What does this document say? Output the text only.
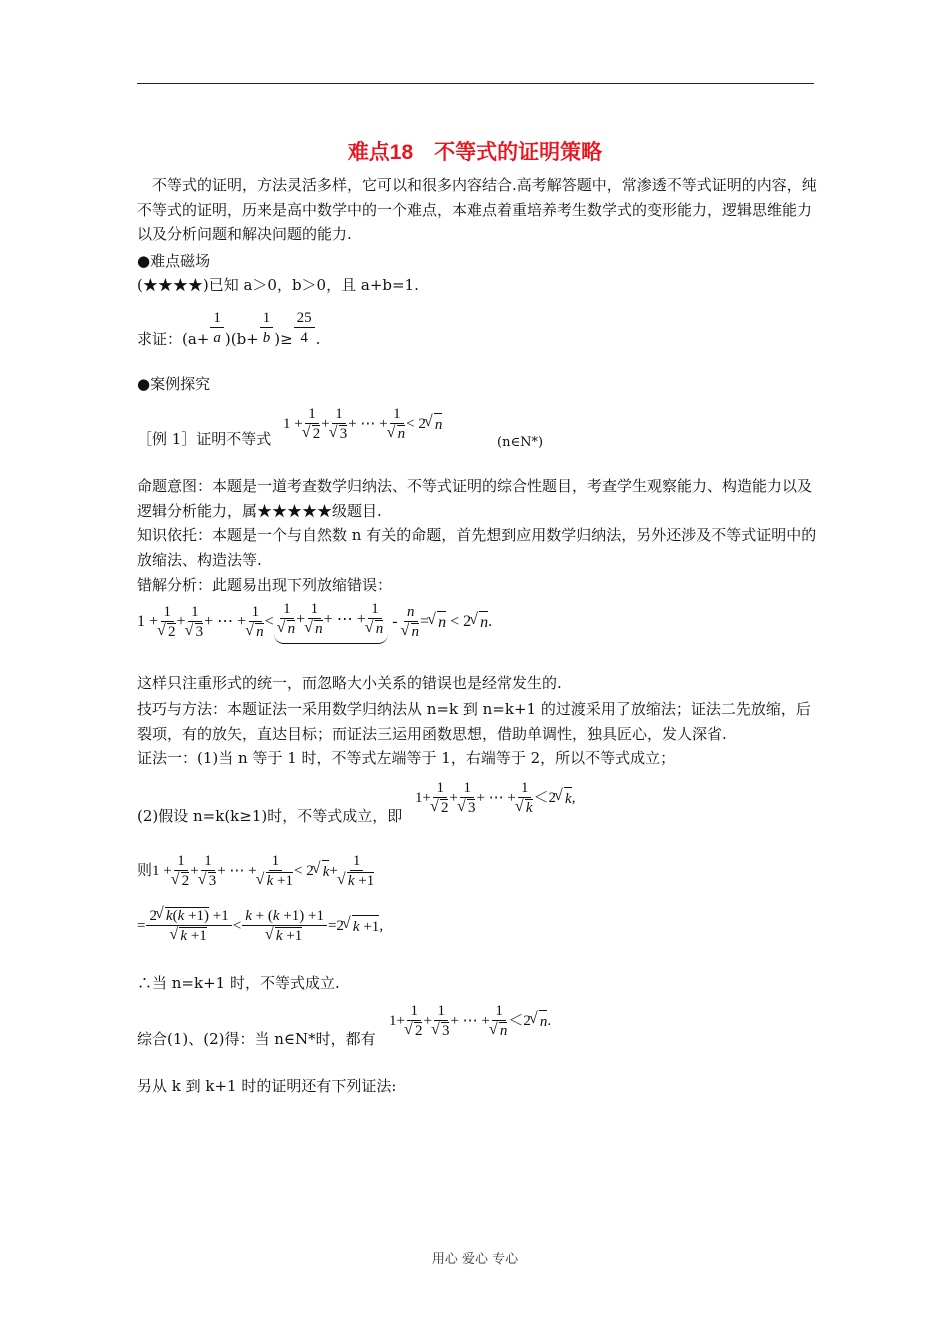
难点18　不等式的证明策略
不等式的证明，方法灵活多样，它可以和很多内容结合.高考解答题中，常渗透不等式证明的内容，纯不等式的证明，历来是高中数学中的一个难点，本难点着重培养考生数学式的变形能力，逻辑思维能力以及分析问题和解决问题的能力.
●难点磁场
(★★★★)已知 a＞0，b＞0，且 a+b=1.
求证：$(a+ \frac{1}{a} )(b+ \frac{1}{b}$ )≥ $\frac{25}{4}$ .
●案例探究
［例 1］证明不等式
1 +
1
√ 2
+
1
√ 3
+ ⋯ +
1
√ n
< 2 √ n
(n∈N*)
命题意图：本题是一道考查数学归纳法、不等式证明的综合性题目，考查学生观察能力、构造能力以及逻辑分析能力，属★★★★★级题目.
知识依托：本题是一个与自然数 n 有关的命题，首先想到应用数学归纳法，另外还涉及不等式证明中的放缩法、构造法等.
错解分析：此题易出现下列放缩错误：
1 +
1
√ 2
+
1
√ 3
+ ⋯ +
1
√ n
<
1
√ n
+
1
√ n
+ ⋯ +
1
√ n -
n
√ n
= √ n < 2 √ n .
这样只注重形式的统一，而忽略大小关系的错误也是经常发生的.
技巧与方法：本题证法一采用数学归纳法从 n=k 到 n=k+1 的过渡采用了放缩法；证法二先放缩，后裂项，有的放矢，直达目标；而证法三运用函数思想，借助单调性，独具匠心，发人深省.
证法一：(1)当 n 等于 1 时，不等式左端等于 1，右端等于 2，所以不等式成立；
(2)假设 n=k(k≥1)时，不等式成立，即
1+
1
√ 2
+
1
√ 3
+ ⋯ +
1
√ k
＜2 √ k ,
则 1 +
1
√ 2
+
1
√ 3
+ ⋯ +
1
√ k +1
< 2 √ k +
1
√ k +1
=
2 √ k(k +1) +1
√ k +1
<
k + (k +1) +1
√ k +1
=2 √ k +1 ,
∴当 n=k+1 时，不等式成立.
综合(1)、(2)得：当 n∈N*时，都有
1+
1
√ 2
+
1
√ 3
+ ⋯ +
1
√ n
＜2 √ n .
另从 k 到 k+1 时的证明还有下列证法:
用心 爱心 专心
